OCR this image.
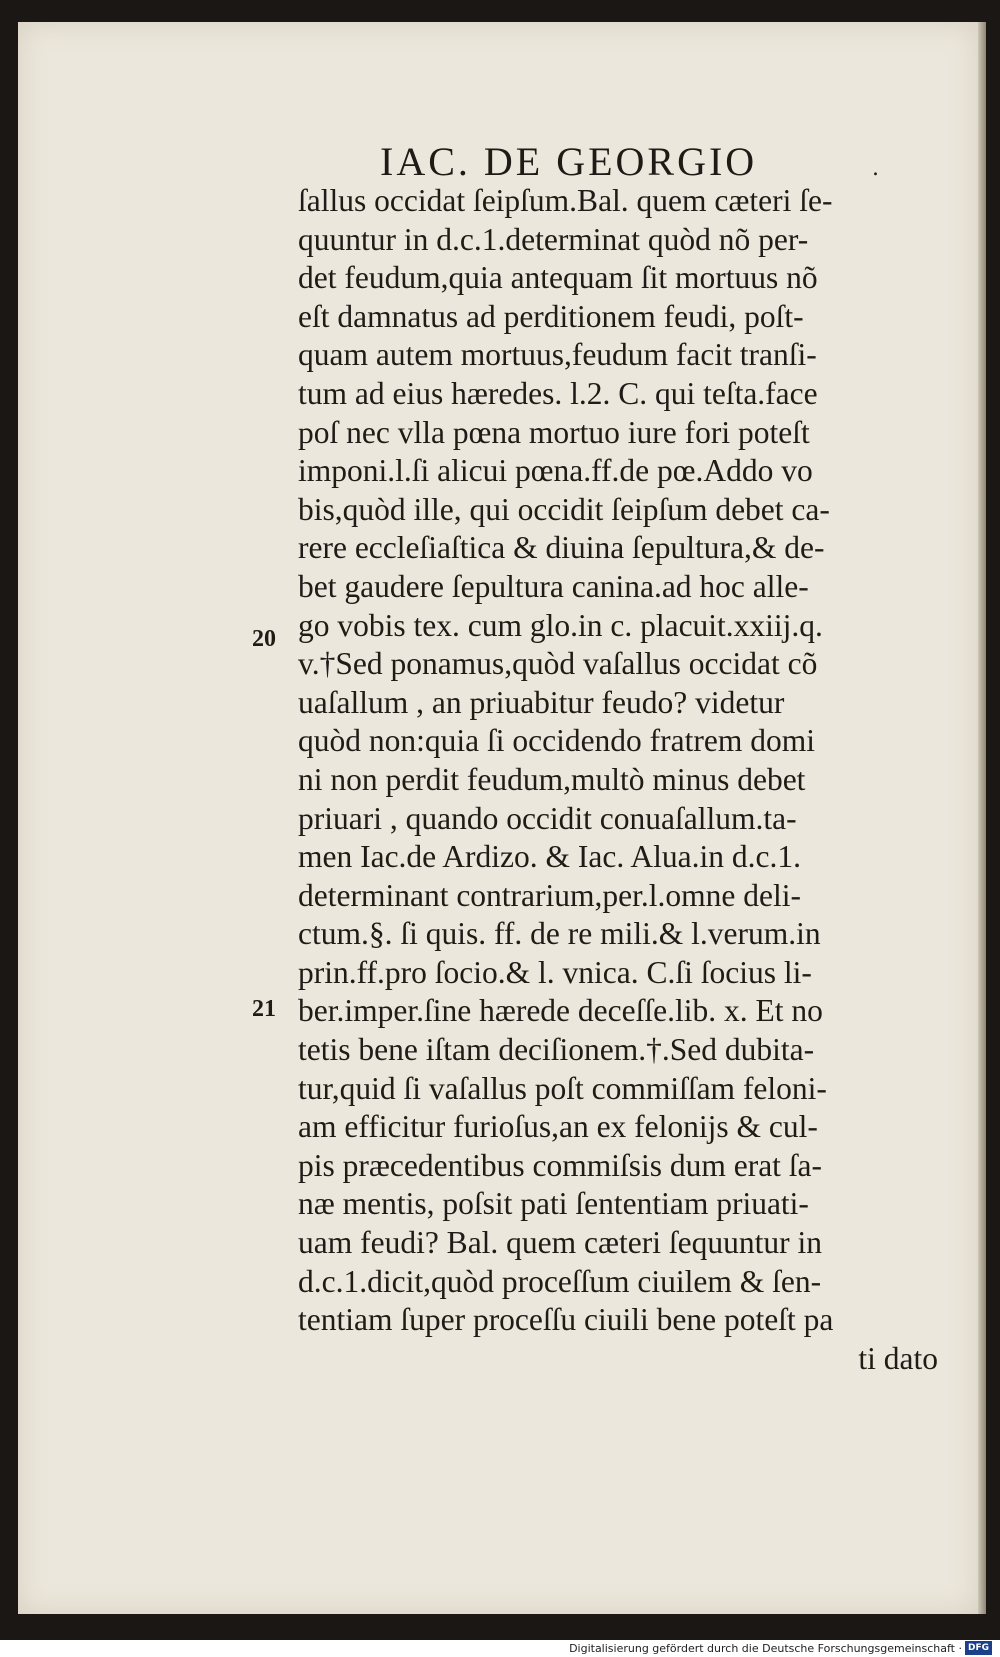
IAC. DE GEORGIO	.
20
21
ſallus occidat ſeipſum.Bal. quem cæteri ſe-
quuntur in d.c.1.determinat quòd nõ per-
det feudum,quia antequam ſit mortuus nõ
eſt damnatus ad perditionem feudi, poſt-
quam autem mortuus,feudum facit tranſi-
tum ad eius hæredes. l.2. C. qui teſta.face
poſ nec vlla pœna mortuo iure fori poteſt
imponi.l.ſi alicui pœna.ff.de pœ.Addo vo
bis,quòd ille, qui occidit ſeipſum debet ca-
rere eccleſiaſtica & diuina ſepultura,& de-
bet gaudere ſepultura canina.ad hoc alle-
go vobis tex. cum glo.in c. placuit.xxiij.q.
v.†Sed ponamus,quòd vaſallus occidat cõ
uaſallum , an priuabitur feudo? videtur
quòd non:quia ſi occidendo fratrem domi
ni non perdit feudum,multò minus debet
priuari , quando occidit conuaſallum.ta-
men Iac.de Ardizo. & Iac. Alua.in d.c.1.
determinant contrarium,per.l.omne deli-
ctum.§. ſi quis. ff. de re mili.& l.verum.in
prin.ff.pro ſocio.& l. vnica. C.ſi ſocius li-
ber.imper.ſine hærede deceſſe.lib. x. Et no
tetis bene iſtam deciſionem.†.Sed dubita-
tur,quid ſi vaſallus poſt commiſſam feloni-
am efficitur furioſus,an ex felonijs & cul-
pis præcedentibus commiſsis dum erat ſa-
næ mentis, poſsit pati ſententiam priuati-
uam feudi? Bal. quem cæteri ſequuntur in
d.c.1.dicit,quòd proceſſum ciuilem & ſen-
tentiam ſuper proceſſu ciuili bene poteſt pa
ti dato
Digitalisierung gefördert durch die Deutsche Forschungsgemeinschaft · DFG
